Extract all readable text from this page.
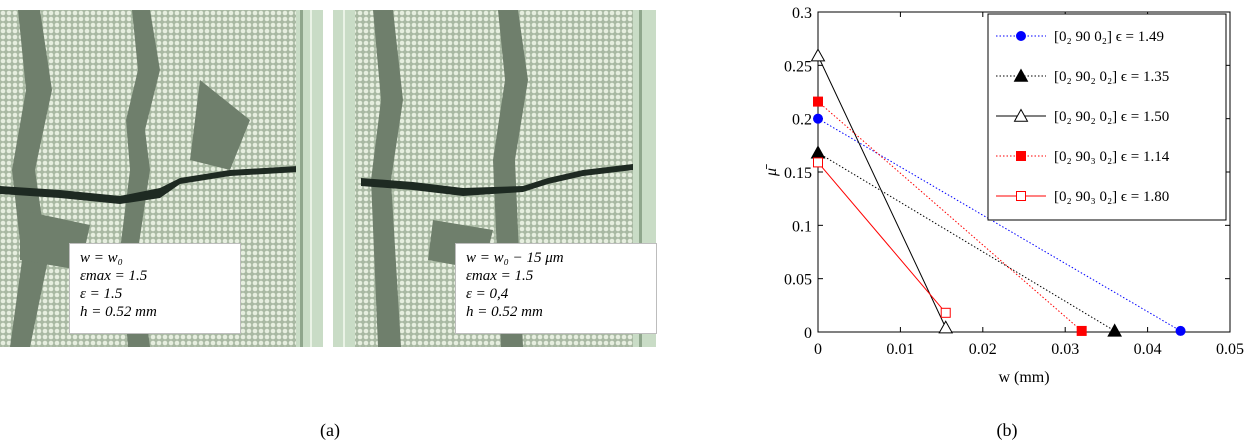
w = w₀
εmax = 1.5
ε = 1.5
h = 0.52 mm
w = w₀ − 15 μm
εmax = 1.5
ε = 0,4
h = 0.52 mm
(a)	(b)
0	0.01	0.02	0.03	0.04	0.05
0
0.05
0.1
0.15
0.2
0.25
0.3
w (mm)
μ̄
[0₂ 90 0₂] ϵ = 1.49
[0₂ 90₂ 0₂] ϵ = 1.35
[0₂ 90₂ 0₂] ϵ = 1.50
[0₂ 90₃ 0₂] ϵ = 1.14
[0₂ 90₃ 0₂] ϵ = 1.80
